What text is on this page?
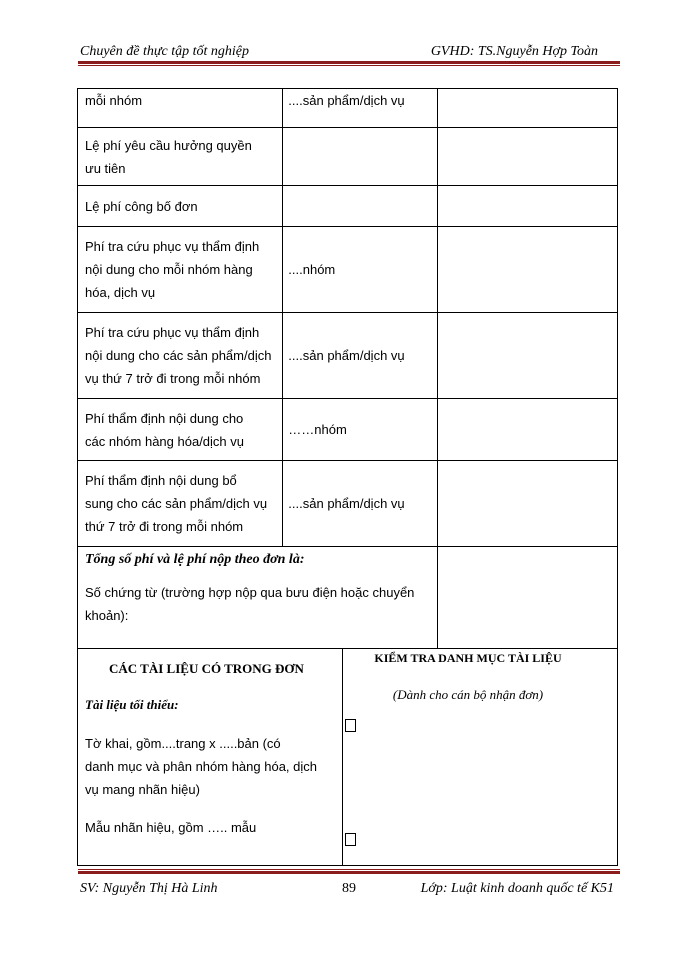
Chuyên đề thực tập tốt nghiệp	GVHD: TS.Nguyễn Hợp Toàn
mỗi nhóm	....sản phẩm/dịch vụ	

Lệ phí yêu cầu hưởng quyền
ưu tiên		

Lệ phí công bố đơn		

Phí tra cứu phục vụ thẩm định
nội dung cho mỗi nhóm hàng
hóa, dịch vụ	....nhóm	

Phí tra cứu phục vụ thẩm định
nội dung cho các sản phẩm/dịch
vụ thứ 7 trở đi trong mỗi nhóm	....sản phẩm/dịch vụ	

Phí thẩm định nội dung cho
các nhóm hàng hóa/dịch vụ	……nhóm	

Phí thẩm định nội dung bổ
sung cho các sản phẩm/dịch vụ
thứ 7 trở đi trong mỗi nhóm	....sản phẩm/dịch vụ	

Tổng số phí và lệ phí nộp theo đơn là:
Số chứng từ (trường hợp nộp qua bưu điện hoặc chuyển
khoản):		

CÁC TÀI LIỆU CÓ TRONG ĐƠN
Tài liệu tối thiểu:
Tờ khai, gồm....trang x .....bản (có
danh mục và phân nhóm hàng hóa, dịch
vụ mang nhãn hiệu)
Mẫu nhãn hiệu, gồm ….. mẫu
KIỂM TRA DANH MỤC TÀI LIỆU
(Dành cho cán bộ nhận đơn)
SV: Nguyễn Thị Hà Linh	89	Lớp: Luật kinh doanh quốc tế K51
